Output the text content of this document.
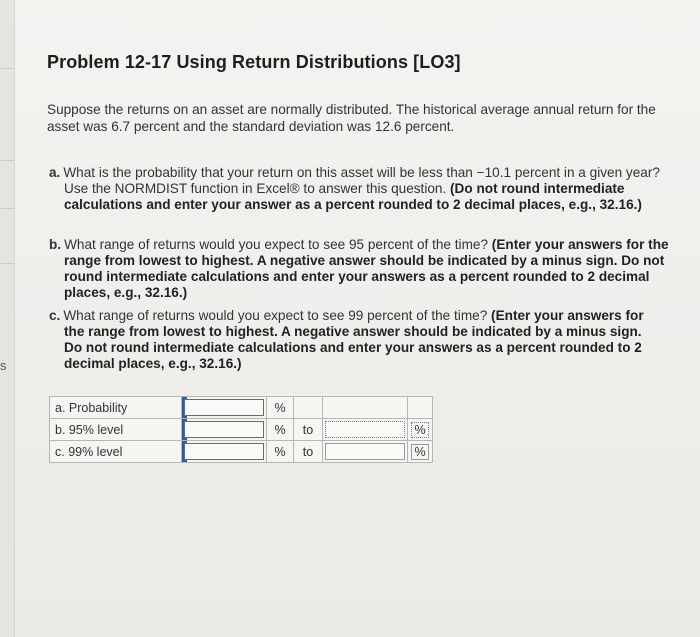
s
Problem 12-17 Using Return Distributions [LO3]
Suppose the returns on an asset are normally distributed. The historical average annual return for the asset was 6.7 percent and the standard deviation was 12.6 percent.
a. What is the probability that your return on this asset will be less than −10.1 percent in a given year? Use the NORMDIST function in Excel® to answer this question. (Do not round intermediate calculations and enter your answer as a percent rounded to 2 decimal places, e.g., 32.16.)
b. What range of returns would you expect to see 95 percent of the time? (Enter your answers for the range from lowest to highest. A negative answer should be indicated by a minus sign. Do not round intermediate calculations and enter your answers as a percent rounded to 2 decimal places, e.g., 32.16.)
c. What range of returns would you expect to see 99 percent of the time? (Enter your answers for the range from lowest to highest. A negative answer should be indicated by a minus sign. Do not round intermediate calculations and enter your answers as a percent rounded to 2 decimal places, e.g., 32.16.)
a. Probability		%			
b. 95% level		%	to		%
c. 99% level		%	to		%
